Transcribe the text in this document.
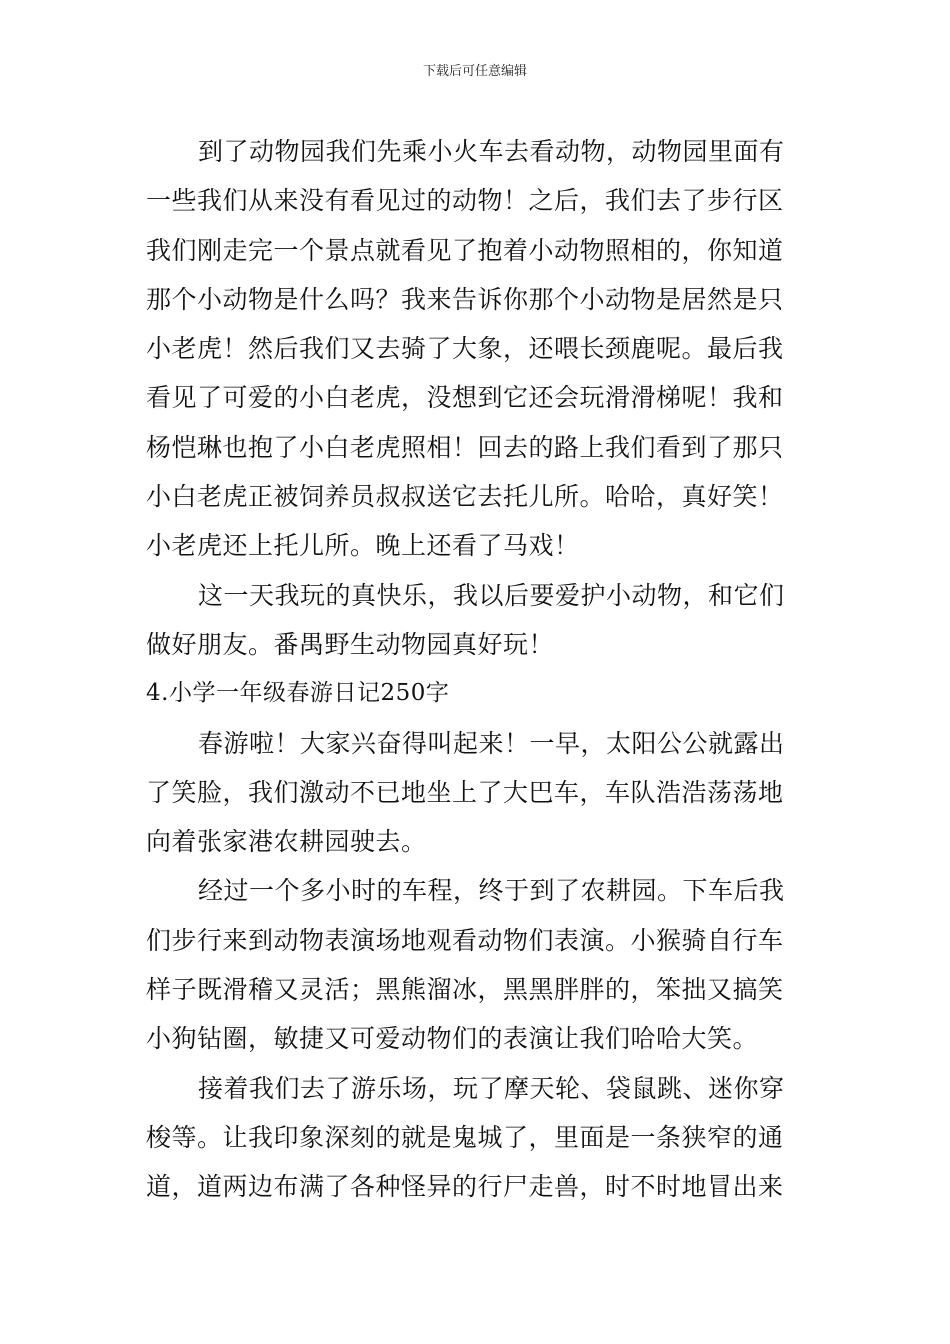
下载后可任意编辑
到了动物园我们先乘小火车去看动物，动物园里面有
一些我们从来没有看见过的动物！之后，我们去了步行区
我们刚走完一个景点就看见了抱着小动物照相的，你知道
那个小动物是什么吗？我来告诉你那个小动物是居然是只
小老虎！然后我们又去骑了大象，还喂长颈鹿呢。最后我
看见了可爱的小白老虎，没想到它还会玩滑滑梯呢！我和
杨恺琳也抱了小白老虎照相！回去的路上我们看到了那只
小白老虎正被饲养员叔叔送它去托儿所。哈哈，真好笑！
小老虎还上托儿所。晚上还看了马戏！
这一天我玩的真快乐，我以后要爱护小动物，和它们
做好朋友。番禺野生动物园真好玩！
4.小学一年级春游日记250字
春游啦！大家兴奋得叫起来！一早，太阳公公就露出
了笑脸，我们激动不已地坐上了大巴车，车队浩浩荡荡地
向着张家港农耕园驶去。
经过一个多小时的车程，终于到了农耕园。下车后我
们步行来到动物表演场地观看动物们表演。小猴骑自行车
样子既滑稽又灵活；黑熊溜冰，黑黑胖胖的，笨拙又搞笑
小狗钻圈，敏捷又可爱动物们的表演让我们哈哈大笑。
接着我们去了游乐场，玩了摩天轮、袋鼠跳、迷你穿
梭等。让我印象深刻的就是鬼城了，里面是一条狭窄的通
道，道两边布满了各种怪异的行尸走兽，时不时地冒出来
